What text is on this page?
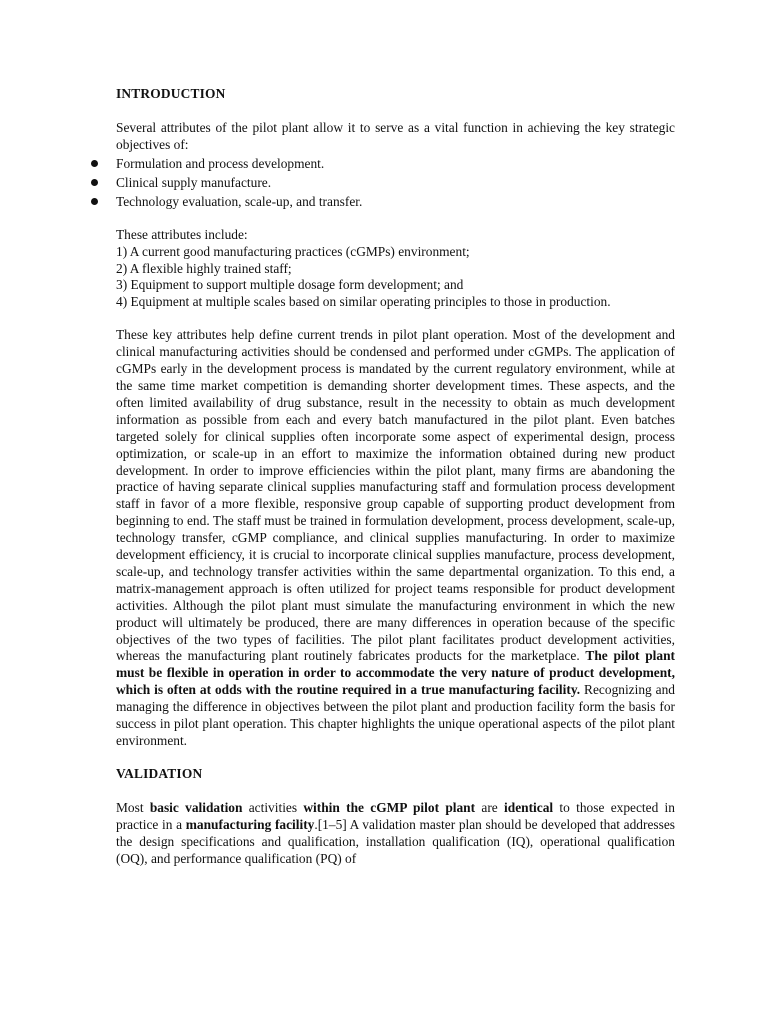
INTRODUCTION

Several attributes of the pilot plant allow it to serve as a vital function in achieving the key strategic objectives of:

Formulation and process development.
Clinical supply manufacture.
Technology evaluation, scale-up, and transfer.

These attributes include:

1) A current good manufacturing practices (cGMPs) environment;

2) A flexible highly trained staff;

3) Equipment to support multiple dosage form development; and

4) Equipment at multiple scales based on similar operating principles to those in production.

These key attributes help define current trends in pilot plant operation. Most of the development and clinical manufacturing activities should be condensed and performed under cGMPs. The application of cGMPs early in the development process is mandated by the current regulatory environment, while at the same time market competition is demanding shorter development times. These aspects, and the often limited availability of drug substance, result in the necessity to obtain as much development information as possible from each and every batch manufactured in the pilot plant. Even batches targeted solely for clinical supplies often incorporate some aspect of experimental design, process optimization, or scale-up in an effort to maximize the information obtained during new product development. In order to improve efficiencies within the pilot plant, many firms are abandoning the practice of having separate clinical supplies manufacturing staff and formulation process development staff in favor of a more flexible, responsive group capable of supporting product development from beginning to end. The staff must be trained in formulation development, process development, scale-up, technology transfer, cGMP compliance, and clinical supplies manufacturing. In order to maximize development efficiency, it is crucial to incorporate clinical supplies manufacture, process development, scale-up, and technology transfer activities within the same departmental organization. To this end, a matrix-management approach is often utilized for project teams responsible for product development activities. Although the pilot plant must simulate the manufacturing environment in which the new product will ultimately be produced, there are many differences in operation because of the specific objectives of the two types of facilities. The pilot plant facilitates product development activities, whereas the manufacturing plant routinely fabricates products for the marketplace. The pilot plant must be flexible in operation in order to accommodate the very nature of product development, which is often at odds with the routine required in a true manufacturing facility. Recognizing and managing the difference in objectives between the pilot plant and production facility form the basis for success in pilot plant operation. This chapter highlights the unique operational aspects of the pilot plant environment.

VALIDATION

Most basic validation activities within the cGMP pilot plant are identical to those expected in practice in a manufacturing facility.[1–5] A validation master plan should be developed that addresses the design specifications and qualification, installation qualification (IQ), operational qualification (OQ), and performance qualification (PQ) of
